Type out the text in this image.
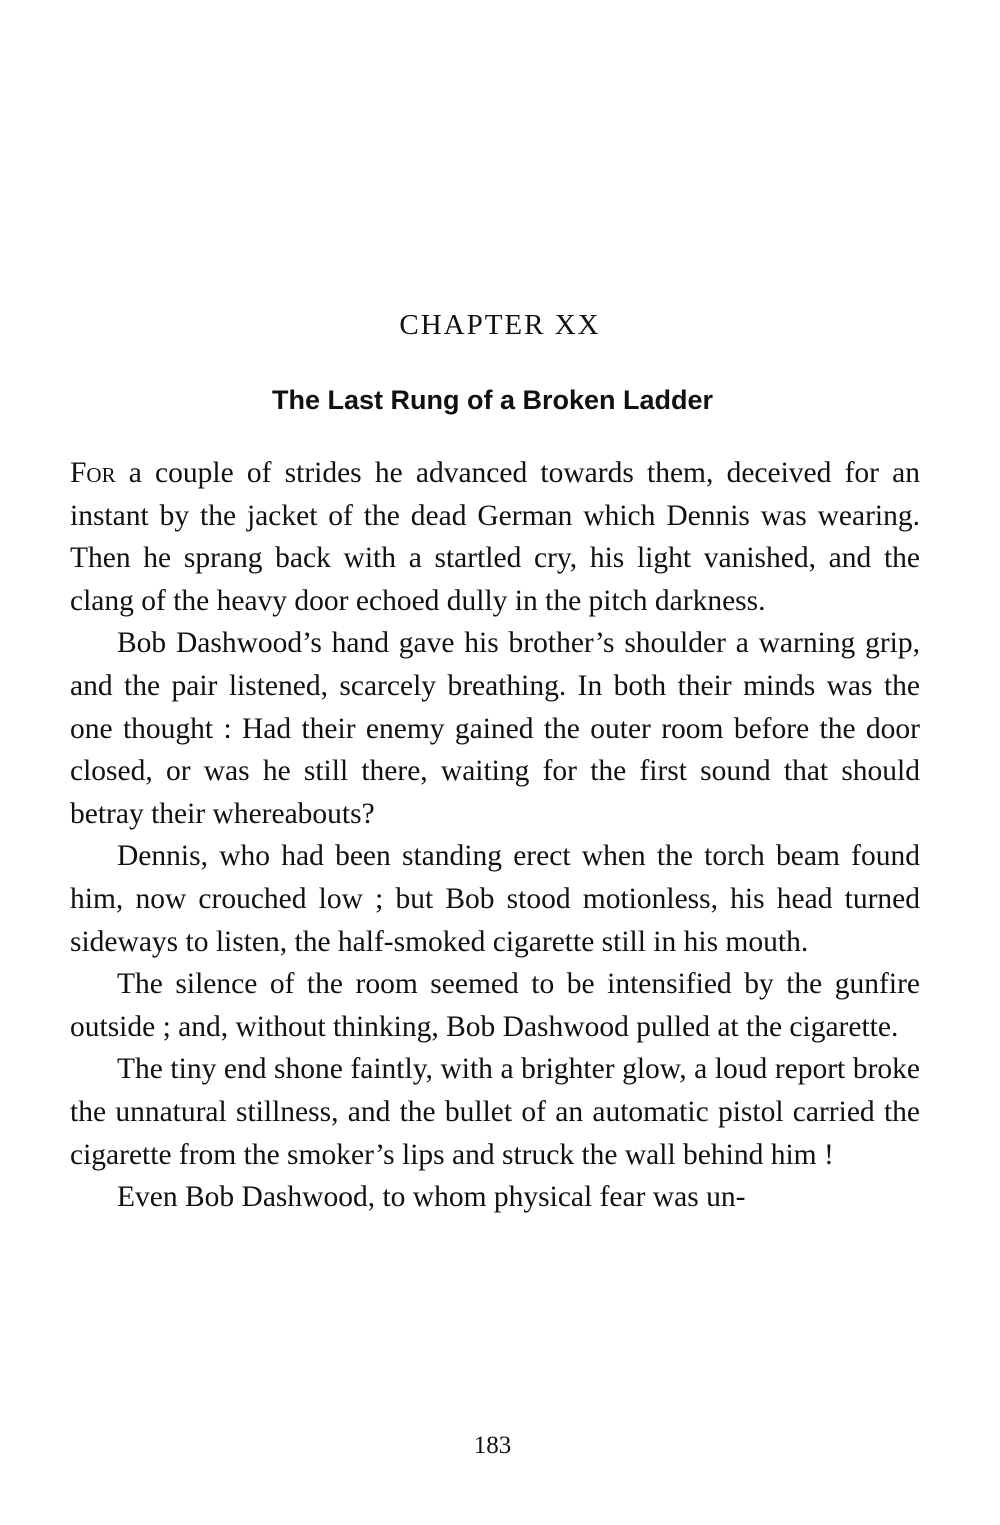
CHAPTER XX
The Last Rung of a Broken Ladder

For a couple of strides he advanced towards them, deceived for an instant by the jacket of the dead German which Dennis was wearing. Then he sprang back with a startled cry, his light vanished, and the clang of the heavy door echoed dully in the pitch darkness.

Bob Dashwood’s hand gave his brother’s shoulder a warning grip, and the pair listened, scarcely breathing. In both their minds was the one thought : Had their enemy gained the outer room before the door closed, or was he still there, waiting for the first sound that should betray their whereabouts?

Dennis, who had been standing erect when the torch beam found him, now crouched low ; but Bob stood motionless, his head turned sideways to listen, the half-smoked cigarette still in his mouth.

The silence of the room seemed to be intensified by the gunfire outside ; and, without thinking, Bob Dashwood pulled at the cigarette.

The tiny end shone faintly, with a brighter glow, a loud report broke the unnatural stillness, and the bullet of an automatic pistol carried the cigarette from the smoker’s lips and struck the wall behind him !

Even Bob Dashwood, to whom physical fear was un-

183
